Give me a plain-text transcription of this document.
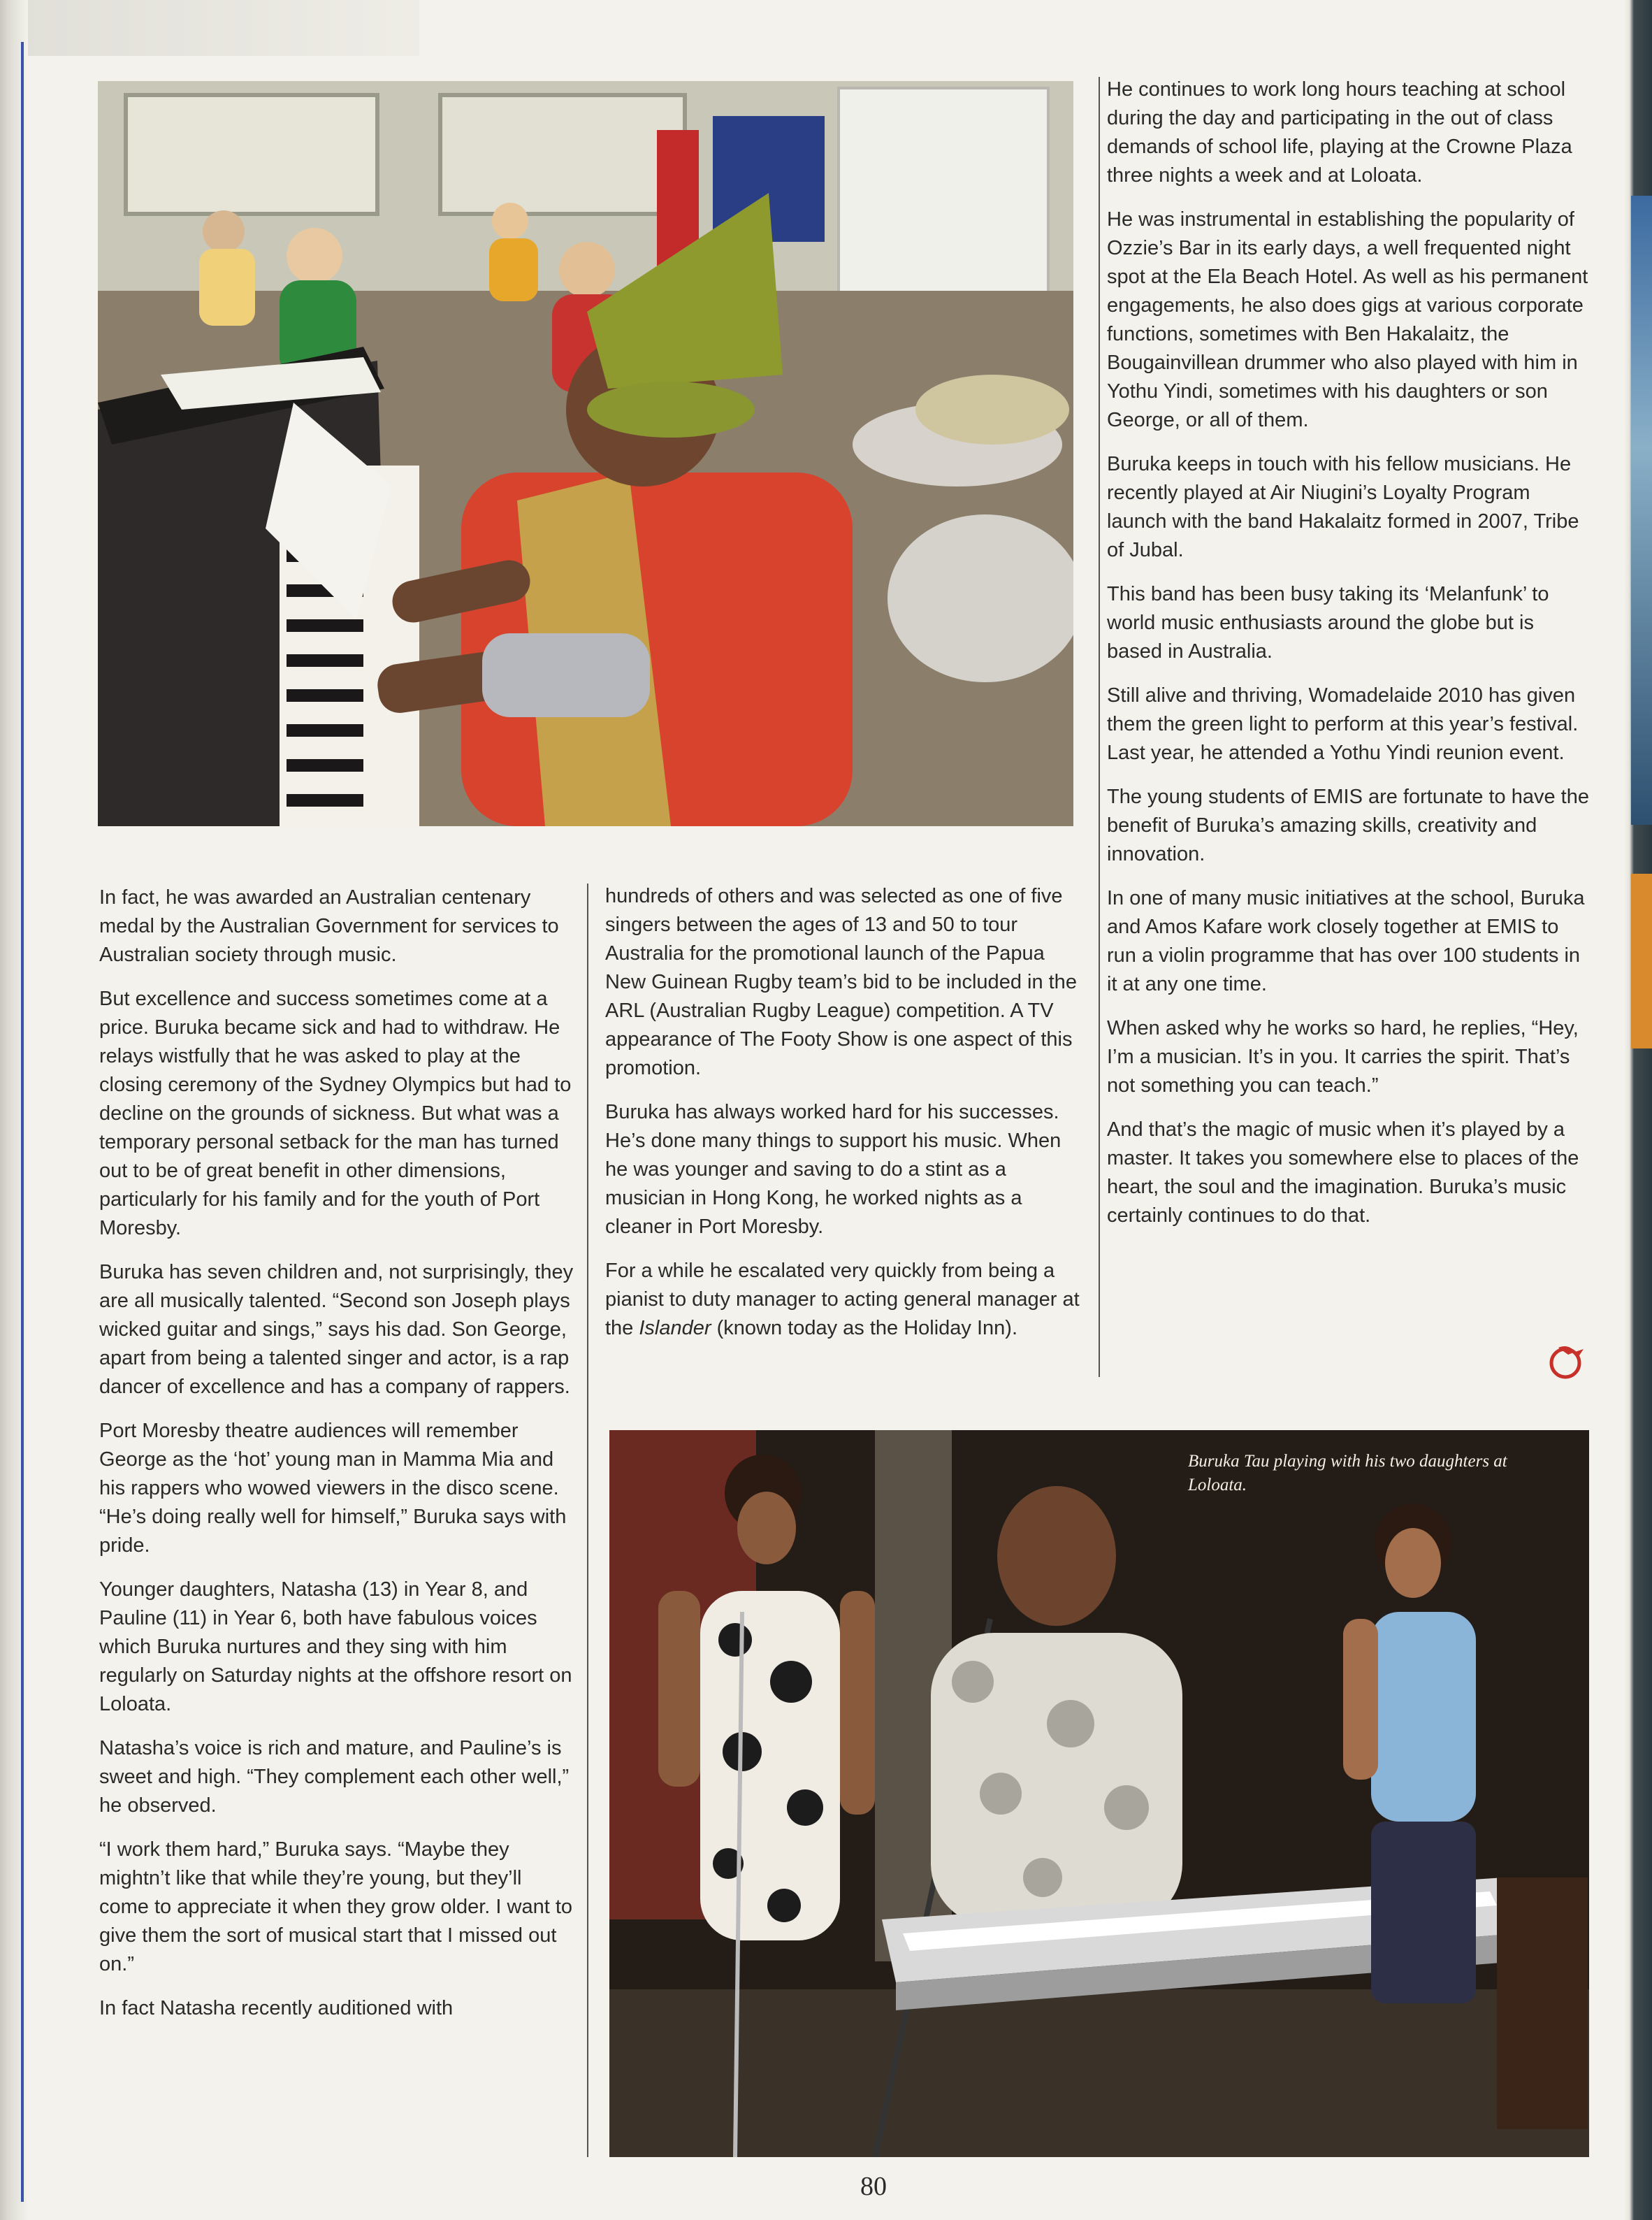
He continues to work long hours teaching at school during the day and participating in the out of class demands of school life, playing at the Crowne Plaza three nights a week and at Loloata.

He was instrumental in establishing the popularity of Ozzie’s Bar in its early days, a well frequented night spot at the Ela Beach Hotel. As well as his permanent engagements, he also does gigs at various corporate functions, sometimes with Ben Hakalaitz, the Bougainvillean drummer who also played with him in Yothu Yindi, sometimes with his daughters or son George, or all of them.

Buruka keeps in touch with his fellow musicians. He recently played at Air Niugini’s Loyalty Program launch with the band Hakalaitz formed in 2007, Tribe of Jubal.

This band has been busy taking its ‘Melanfunk’ to world music enthusiasts around the globe but is based in Australia.

Still alive and thriving, Womadelaide 2010 has given them the green light to perform at this year’s festival. Last year, he attended a Yothu Yindi reunion event.

The young students of EMIS are fortunate to have the benefit of Buruka’s amazing skills, creativity and innovation.

In one of many music initiatives at the school, Buruka and Amos Kafare work closely together at EMIS to run a violin programme that has over 100 students in it at any one time.

When asked why he works so hard, he replies, “Hey, I’m a musician. It’s in you. It carries the spirit. That’s not something you can teach.”

And that’s the magic of music when it’s played by a master. It takes you somewhere else to places of the heart, the soul and the imagination. Buruka’s music certainly continues to do that.

In fact, he was awarded an Australian centenary medal by the Australian Government for services to Australian society through music.

But excellence and success sometimes come at a price. Buruka became sick and had to withdraw. He relays wistfully that he was asked to play at the closing ceremony of the Sydney Olympics but had to decline on the grounds of sickness. But what was a temporary personal setback for the man has turned out to be of great benefit in other dimensions, particularly for his family and for the youth of Port Moresby.

Buruka has seven children and, not surprisingly, they are all musically talented. “Second son Joseph plays wicked guitar and sings,” says his dad. Son George, apart from being a talented singer and actor, is a rap dancer of excellence and has a company of rappers.

Port Moresby theatre audiences will remember George as the ‘hot’ young man in Mamma Mia and his rappers who wowed viewers in the disco scene. “He’s doing really well for himself,” Buruka says with pride.

Younger daughters, Natasha (13) in Year 8, and Pauline (11) in Year 6, both have fabulous voices which Buruka nurtures and they sing with him regularly on Saturday nights at the offshore resort on Loloata.

Natasha’s voice is rich and mature, and Pauline’s is sweet and high. “They complement each other well,” he observed.

“I work them hard,” Buruka says. “Maybe they mightn’t like that while they’re young, but they’ll come to appreciate it when they grow older. I want to give them the sort of musical start that I missed out on.”

In fact Natasha recently auditioned with

hundreds of others and was selected as one of five singers between the ages of 13 and 50 to tour Australia for the promotional launch of the Papua New Guinean Rugby team’s bid to be included in the ARL (Australian Rugby League) competition. A TV appearance of The Footy Show is one aspect of this promotion.

Buruka has always worked hard for his successes. He’s done many things to support his music. When he was younger and saving to do a stint as a musician in Hong Kong, he worked nights as a cleaner in Port Moresby.

For a while he escalated very quickly from being a pianist to duty manager to acting general manager at the Islander (known today as the Holiday Inn).

Buruka Tau playing with his two daughters at Loloata.
80
